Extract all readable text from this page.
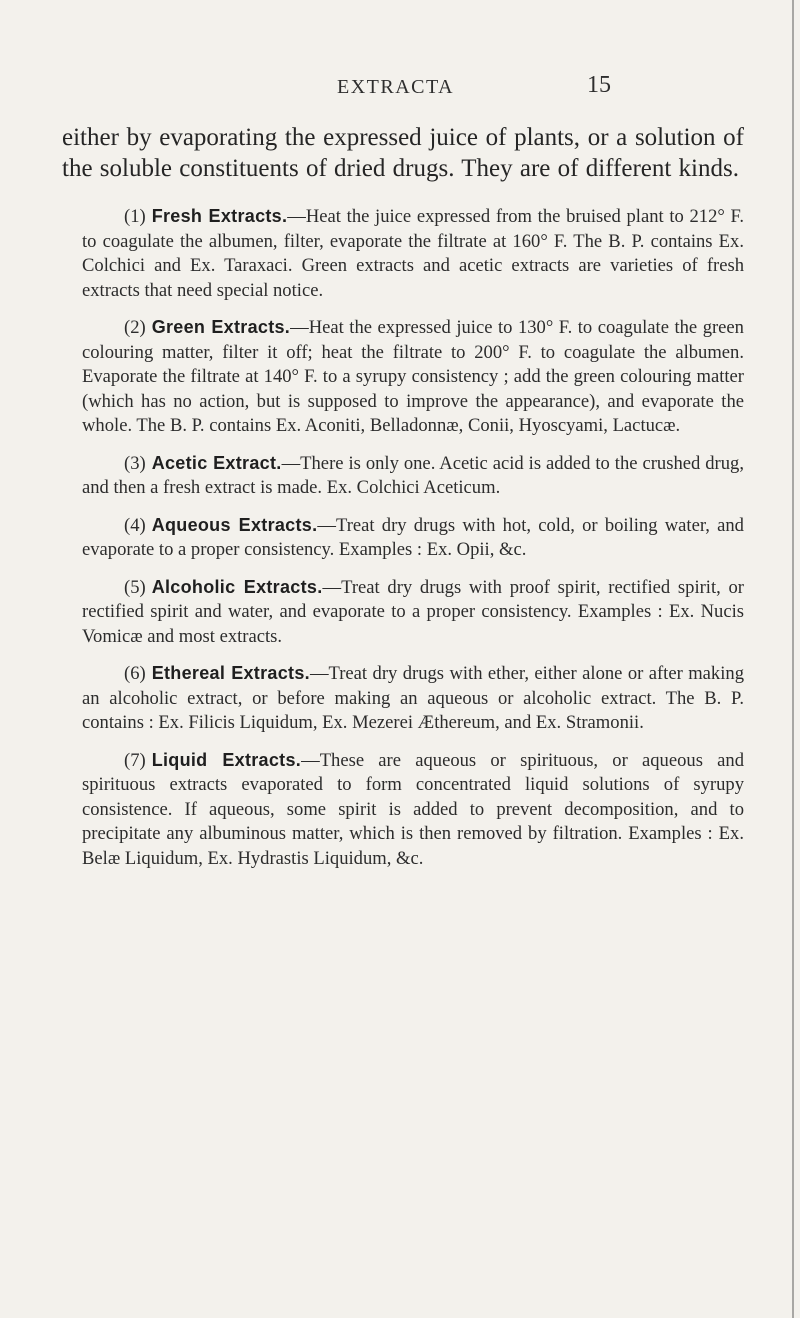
EXTRACTA	15

either by evaporating the expressed juice of plants, or a solution of the soluble constituents of dried drugs. They are of different kinds.

(1) Fresh Extracts.—Heat the juice expressed from the bruised plant to 212° F. to coagulate the albumen, filter, evaporate the filtrate at 160° F. The B. P. contains Ex. Colchici and Ex. Taraxaci. Green extracts and acetic extracts are varieties of fresh extracts that need special notice.

(2) Green Extracts.—Heat the expressed juice to 130° F. to coagulate the green colouring matter, filter it off; heat the filtrate to 200° F. to coagulate the albumen. Evaporate the filtrate at 140° F. to a syrupy consistency ; add the green colouring matter (which has no action, but is supposed to improve the appearance), and evaporate the whole. The B. P. contains Ex. Aconiti, Belladonnæ, Conii, Hyoscyami, Lactucæ.

(3) Acetic Extract.—There is only one. Acetic acid is added to the crushed drug, and then a fresh extract is made. Ex. Colchici Aceticum.

(4) Aqueous Extracts.—Treat dry drugs with hot, cold, or boiling water, and evaporate to a proper consistency. Examples : Ex. Opii, &c.

(5) Alcoholic Extracts.—Treat dry drugs with proof spirit, rectified spirit, or rectified spirit and water, and evaporate to a proper consistency. Examples : Ex. Nucis Vomicæ and most extracts.

(6) Ethereal Extracts.—Treat dry drugs with ether, either alone or after making an alcoholic extract, or before making an aqueous or alcoholic extract. The B. P. contains : Ex. Filicis Liquidum, Ex. Mezerei Æthereum, and Ex. Stramonii.

(7) Liquid Extracts.—These are aqueous or spirituous, or aqueous and spirituous extracts evaporated to form concentrated liquid solutions of syrupy consistence. If aqueous, some spirit is added to prevent decomposition, and to precipitate any albuminous matter, which is then removed by filtration. Examples : Ex. Belæ Liquidum, Ex. Hydrastis Liquidum, &c.
